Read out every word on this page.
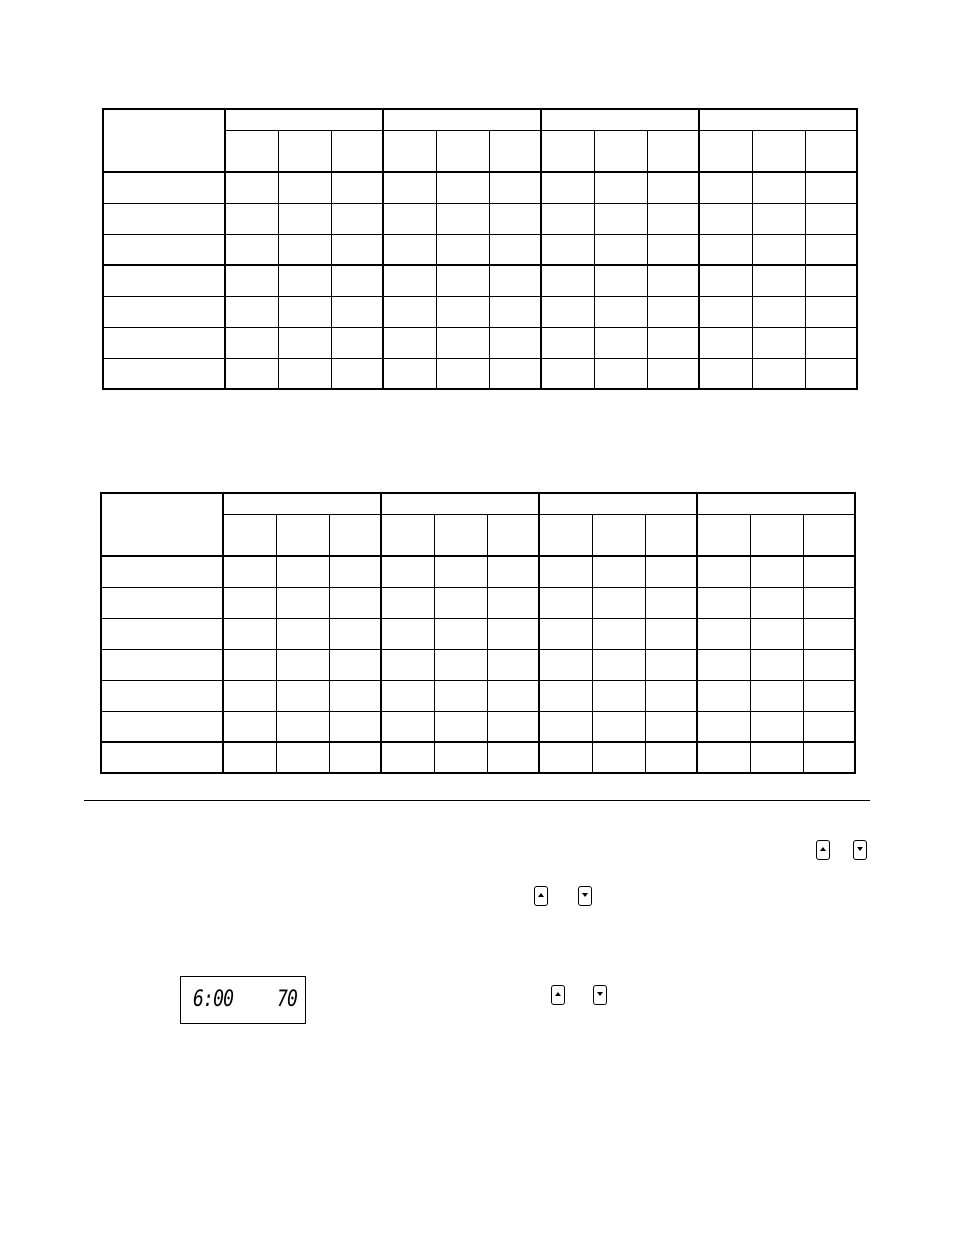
6:00 70
